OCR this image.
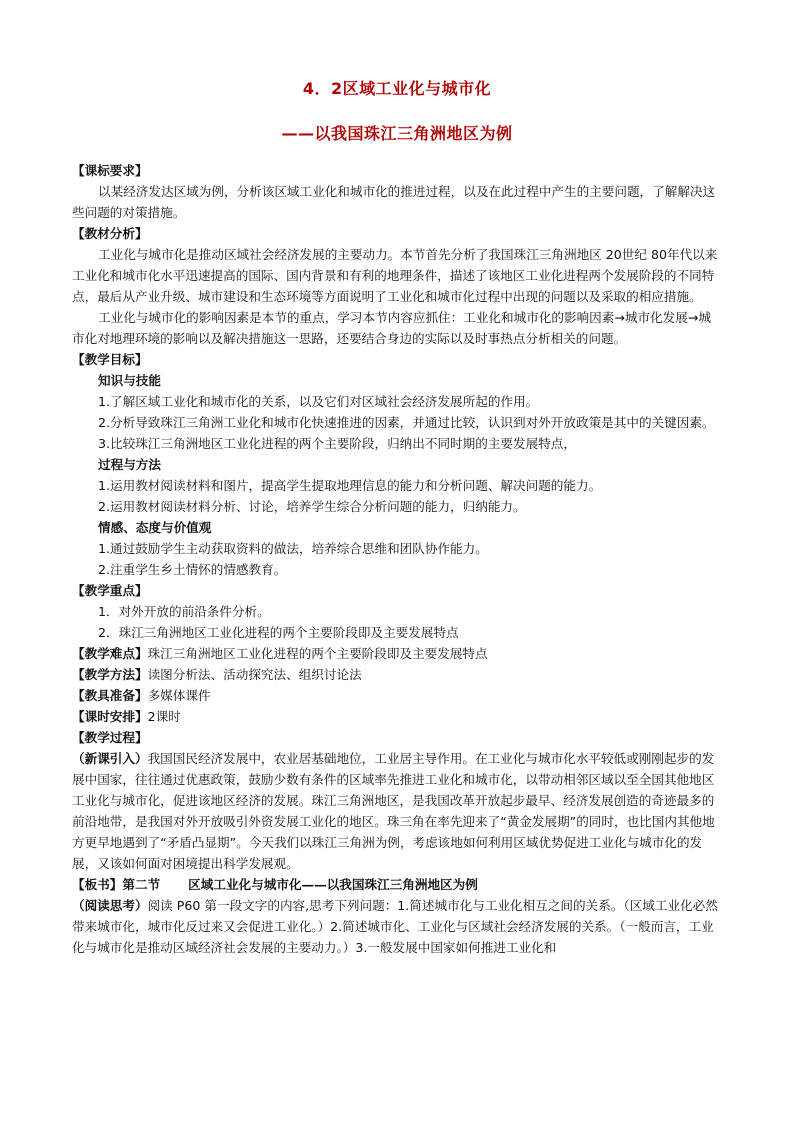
4．2区域工业化与城市化
——以我国珠江三角洲地区为例

【课标要求】

以某经济发达区域为例，分析该区域工业化和城市化的推进过程，以及在此过程中产生的主要问题，了解解决这些问题的对策措施。

【教材分析】

工业化与城市化是推动区域社会经济发展的主要动力。本节首先分析了我国珠江三角洲地区 20世纪 80年代以来工业化和城市化水平迅速提高的国际、国内背景和有利的地理条件，描述了该地区工业化进程两个发展阶段的不同特点，最后从产业升级、城市建设和生态环境等方面说明了工业化和城市化过程中出现的问题以及采取的相应措施。

工业化与城市化的影响因素是本节的重点，学习本节内容应抓住：工业化和城市化的影响因素→城市化发展→城市化对地理环境的影响以及解决措施这一思路，还要结合身边的实际以及时事热点分析相关的问题。

【教学目标】

知识与技能

1.了解区域工业化和城市化的关系，以及它们对区域社会经济发展所起的作用。

2.分析导致珠江三角洲工业化和城市化快速推进的因素，并通过比较，认识到对外开放政策是其中的关键因素。

3.比较珠江三角洲地区工业化进程的两个主要阶段，归纳出不同时期的主要发展特点，

过程与方法

1.运用教材阅读材料和图片，提高学生提取地理信息的能力和分析问题、解决问题的能力。

2.运用教材阅读材料分析、讨论，培养学生综合分析问题的能力，归纳能力。

情感、态度与价值观

1.通过鼓励学生主动获取资料的做法，培养综合思维和团队协作能力。

2.注重学生乡土情怀的情感教育。

【教学重点】

1．对外开放的前沿条件分析。

2．珠江三角洲地区工业化进程的两个主要阶段即及主要发展特点

【教学难点】珠江三角洲地区工业化进程的两个主要阶段即及主要发展特点

【教学方法】读图分析法、活动探究法、组织讨论法

【教具准备】多媒体课件

【课时安排】2课时

【教学过程】

（新课引入）我国国民经济发展中，农业居基础地位，工业居主导作用。在工业化与城市化水平较低或刚刚起步的发展中国家，往往通过优惠政策，鼓励少数有条件的区域率先推进工业化和城市化，以带动相邻区域以至全国其他地区工业化与城市化，促进该地区经济的发展。珠江三角洲地区，是我国改革开放起步最早、经济发展创造的奇迹最多的前沿地带，是我国对外开放吸引外资发展工业化的地区。珠三角在率先迎来了“黄金发展期”的同时，也比国内其他地方更早地遇到了“矛盾凸显期”。今天我们以珠江三角洲为例，考虑该地如何利用区域优势促进工业化与城市化的发展，又该如何面对困境提出科学发展观。

【板书】第二节 区域工业化与城市化——以我国珠江三角洲地区为例

（阅读思考）阅读 P60 第一段文字的内容,思考下列问题：1.简述城市化与工业化相互之间的关系。（区域工业化必然带来城市化，城市化反过来又会促进工业化。）2.简述城市化、工业化与区域社会经济发展的关系。（一般而言，工业化与城市化是推动区域经济社会发展的主要动力。）3.一般发展中国家如何推进工业化和
